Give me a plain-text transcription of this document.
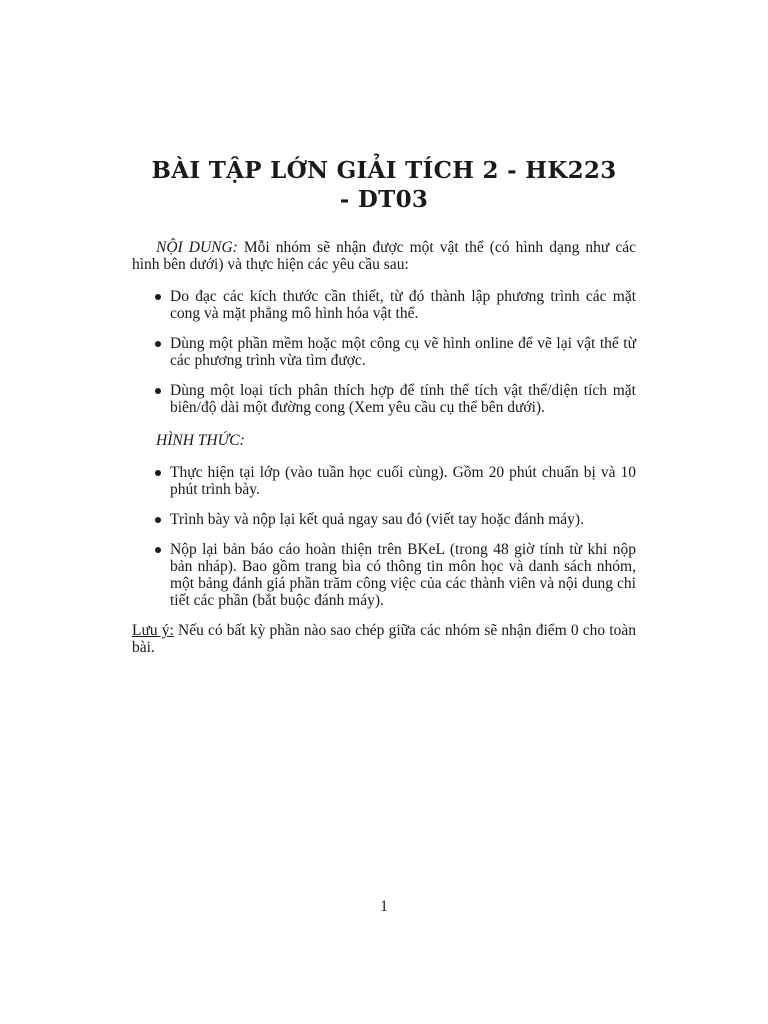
BÀI TẬP LỚN GIẢI TÍCH 2 - HK223 - DT03

NỘI DUNG: Mỗi nhóm sẽ nhận được một vật thể (có hình dạng như các hình bên dưới) và thực hiện các yêu cầu sau:

Do đạc các kích thước cần thiết, từ đó thành lập phương trình các mặt cong và mặt phẳng mô hình hóa vật thể.
Dùng một phần mềm hoặc một công cụ vẽ hình online để vẽ lại vật thể từ các phương trình vừa tìm được.
Dùng một loại tích phân thích hợp để tính thể tích vật thể/diện tích mặt biên/độ dài một đường cong (Xem yêu cầu cụ thể bên dưới).

HÌNH THỨC:

Thực hiện tại lớp (vào tuần học cuối cùng). Gồm 20 phút chuẩn bị và 10 phút trình bày.
Trình bày và nộp lại kết quả ngay sau đó (viết tay hoặc đánh máy).
Nộp lại bản báo cáo hoàn thiện trên BKeL (trong 48 giờ tính từ khi nộp bản nháp). Bao gồm trang bìa có thông tin môn học và danh sách nhóm, một bảng đánh giá phần trăm công việc của các thành viên và nội dung chi tiết các phần (bắt buộc đánh máy).

Lưu ý: Nếu có bất kỳ phần nào sao chép giữa các nhóm sẽ nhận điểm 0 cho toàn bài.

1
